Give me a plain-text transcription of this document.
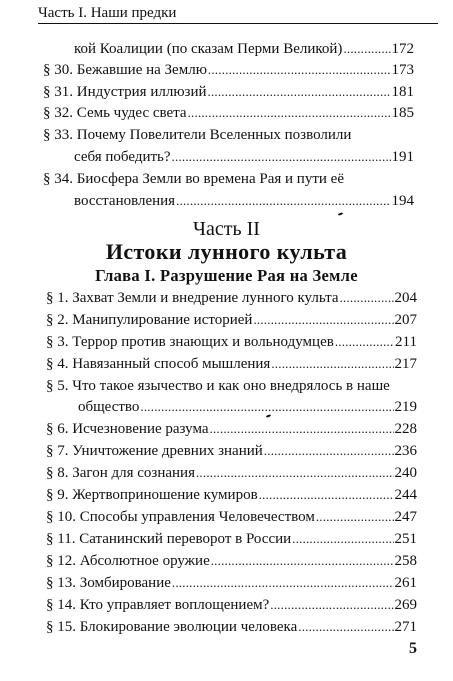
Часть I. Наши предки
кой Коалиции (по сказам Перми Великой) .....	172
§ 30. Бежавшие на Землю .....	173
§ 31. Индустрия иллюзий .....	181
§ 32. Семь чудес света .....	185
§ 33. Почему Повелители Вселенных позволили
себя победить? .....	191
§ 34. Биосфера Земли во времена Рая и пути её
восстановления .....	194
Часть II
Истоки лунного культа
Глава I. Разрушение Рая на Земле
§ 1. Захват Земли и внедрение лунного культа .....	204
§ 2. Манипулирование историей .....	207
§ 3. Террор против знающих и вольнодумцев .....	211
§ 4. Навязанный способ мышления .....	217
§ 5. Что такое язычество и как оно внедрялось в наше
общество .....	219
§ 6. Исчезновение разума .....	228
§ 7. Уничтожение древних знаний .....	236
§ 8. Загон для сознания .....	240
§ 9. Жертвоприношение кумиров .....	244
§ 10. Способы управления Человечеством .....	247
§ 11. Сатанинский переворот в России .....	251
§ 12. Абсолютное оружие .....	258
§ 13. Зомбирование .....	261
§ 14. Кто управляет воплощением? .....	269
§ 15. Блокирование эволюции человека .....	271
5
